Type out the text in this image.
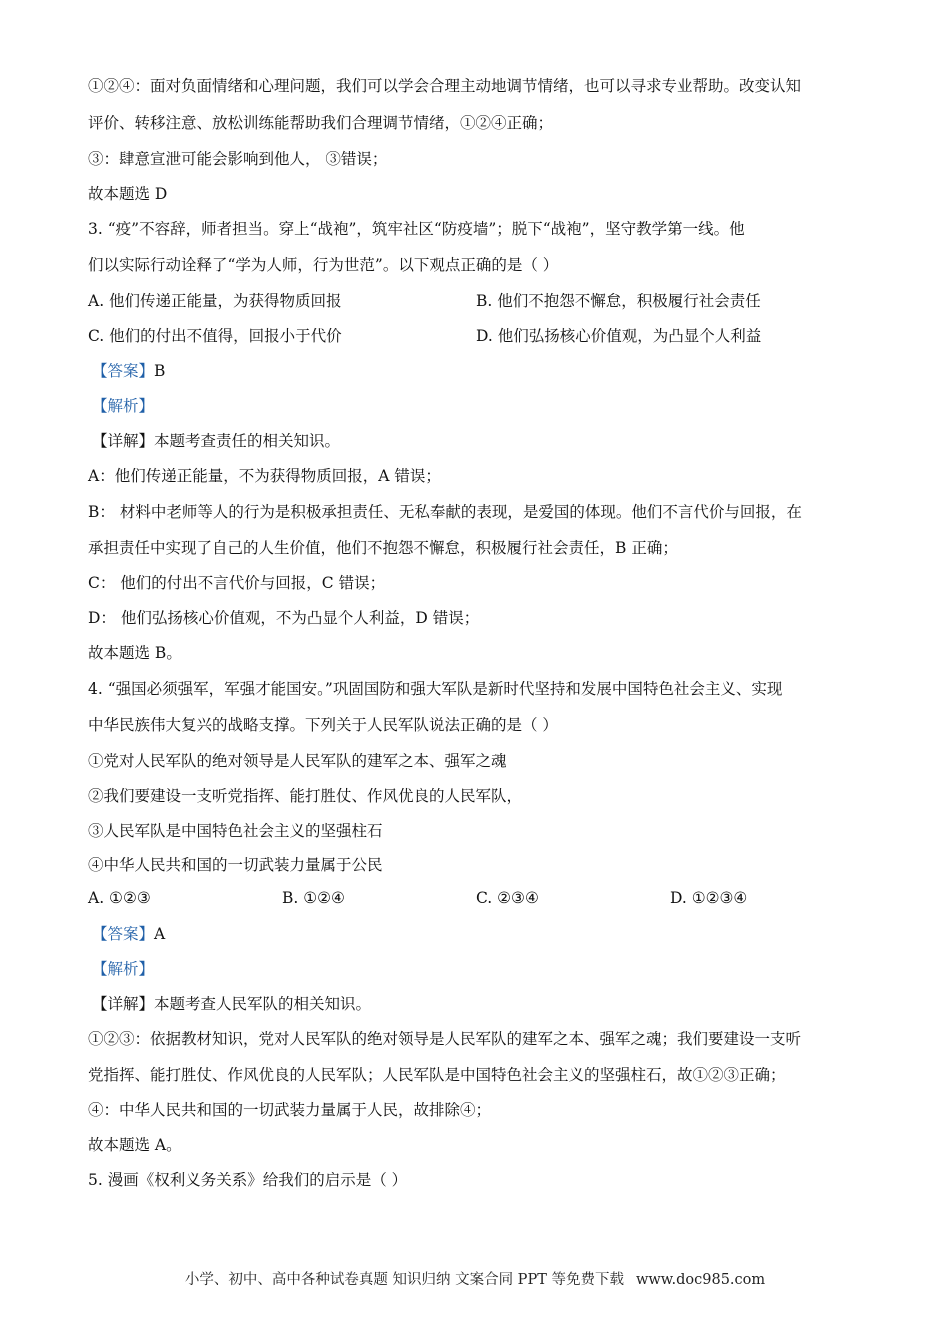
①②④：面对负面情绪和心理问题，我们可以学会合理主动地调节情绪，也可以寻求专业帮助。改变认知
评价、转移注意、放松训练能帮助我们合理调节情绪，①②④正确；
③：肆意宣泄可能会影响到他人， ③错误；
故本题选 D
3. “疫”不容辞，师者担当。穿上“战袍”，筑牢社区“防疫墙”；脱下“战袍”，坚守教学第一线。他
们以实际行动诠释了“学为人师，行为世范”。以下观点正确的是（ ）
A. 他们传递正能量，为获得物质回报	B. 他们不抱怨不懈怠，积极履行社会责任
C. 他们的付出不值得，回报小于代价	D. 他们弘扬核心价值观，为凸显个人利益
【答案】B
【解析】
【详解】本题考查责任的相关知识。
A：他们传递正能量，不为获得物质回报，A 错误；
B： 材料中老师等人的行为是积极承担责任、无私奉献的表现，是爱国的体现。他们不言代价与回报，在
承担责任中实现了自己的人生价值，他们不抱怨不懈怠，积极履行社会责任，B 正确；
C： 他们的付出不言代价与回报，C 错误；
D： 他们弘扬核心价值观，不为凸显个人利益，D 错误；
故本题选 B。
4. “强国必须强军，军强才能国安。”巩固国防和强大军队是新时代坚持和发展中国特色社会主义、实现
中华民族伟大复兴的战略支撑。下列关于人民军队说法正确的是（ ）
①党对人民军队的绝对领导是人民军队的建军之本、强军之魂
②我们要建设一支听党指挥、能打胜仗、作风优良的人民军队，
③人民军队是中国特色社会主义的坚强柱石
④中华人民共和国的一切武装力量属于公民
A. ①②③	B. ①②④	C. ②③④	D. ①②③④
【答案】A
【解析】
【详解】本题考查人民军队的相关知识。
①②③：依据教材知识，党对人民军队的绝对领导是人民军队的建军之本、强军之魂；我们要建设一支听
党指挥、能打胜仗、作风优良的人民军队；人民军队是中国特色社会主义的坚强柱石，故①②③正确；
④：中华人民共和国的一切武装力量属于人民，故排除④；
故本题选 A。
5. 漫画《权利义务关系》给我们的启示是（ ）
小学、初中、高中各种试卷真题 知识归纳 文案合同 PPT 等免费下载 www.doc985.com
